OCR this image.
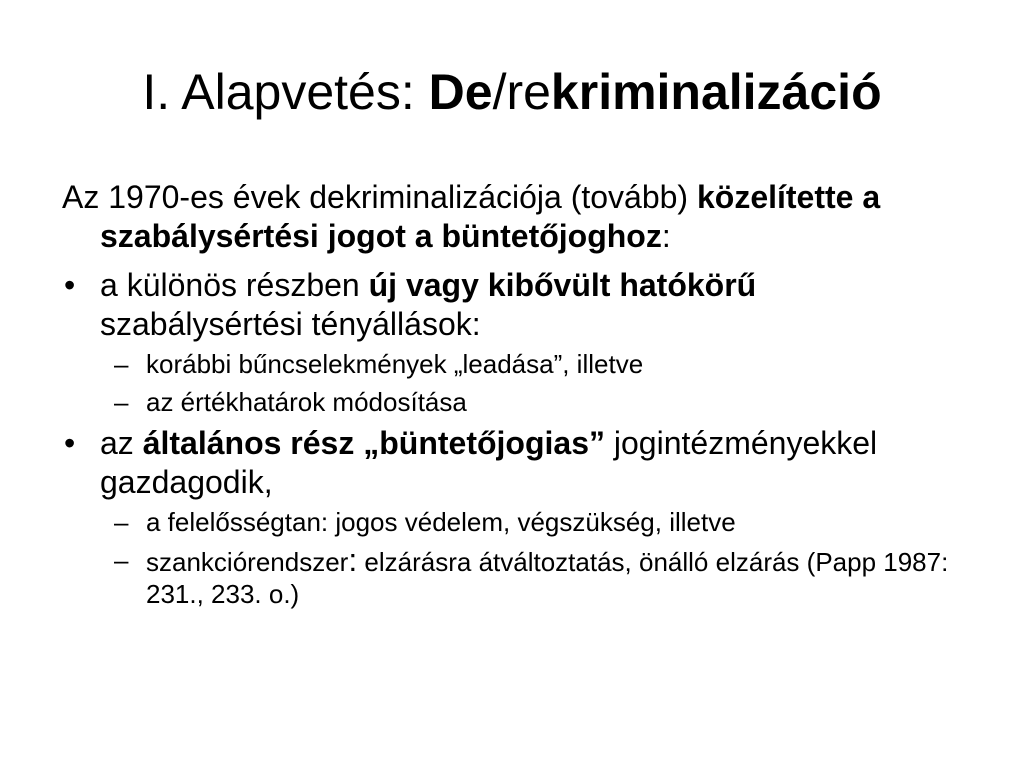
I. Alapvetés: De/rekriminalizáció

Az 1970-es évek dekriminalizációja (tovább) közelítette a szabálysértési jogot a büntetőjoghoz:

• a különös részben új vagy kibővült hatókörű szabálysértési tényállások:
– korábbi bűncselekmények „leadása”, illetve
– az értékhatárok módosítása
• az általános rész „büntetőjogias” jogintézményekkel gazdagodik,
– a felelősségtan: jogos védelem, végszükség, illetve
– szankciórendszer: elzárásra átváltoztatás, önálló elzárás (Papp 1987: 231., 233. o.)
